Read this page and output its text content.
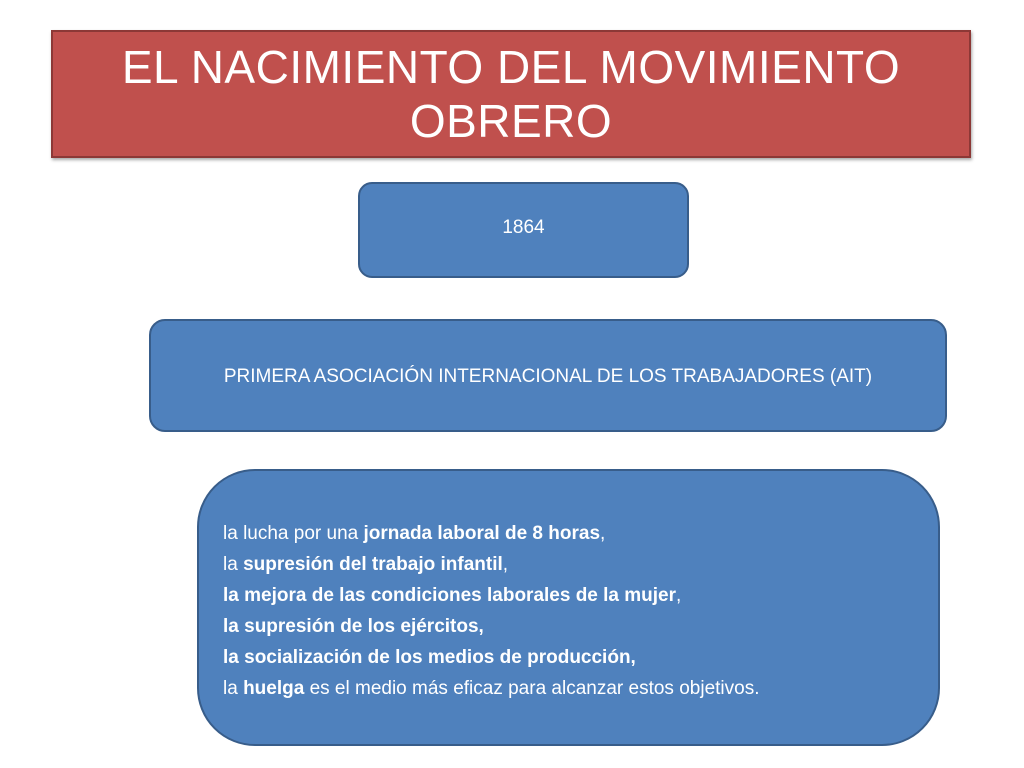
EL NACIMIENTO DEL MOVIMIENTO
OBRERO
1864
PRIMERA ASOCIACIÓN INTERNACIONAL DE LOS TRABAJADORES (AIT)
la lucha por una jornada laboral de 8 horas,
la supresión del trabajo infantil,
la mejora de las condiciones laborales de la mujer,
la supresión de los ejércitos,
la socialización de los medios de producción,
la huelga es el medio más eficaz para alcanzar estos objetivos.
